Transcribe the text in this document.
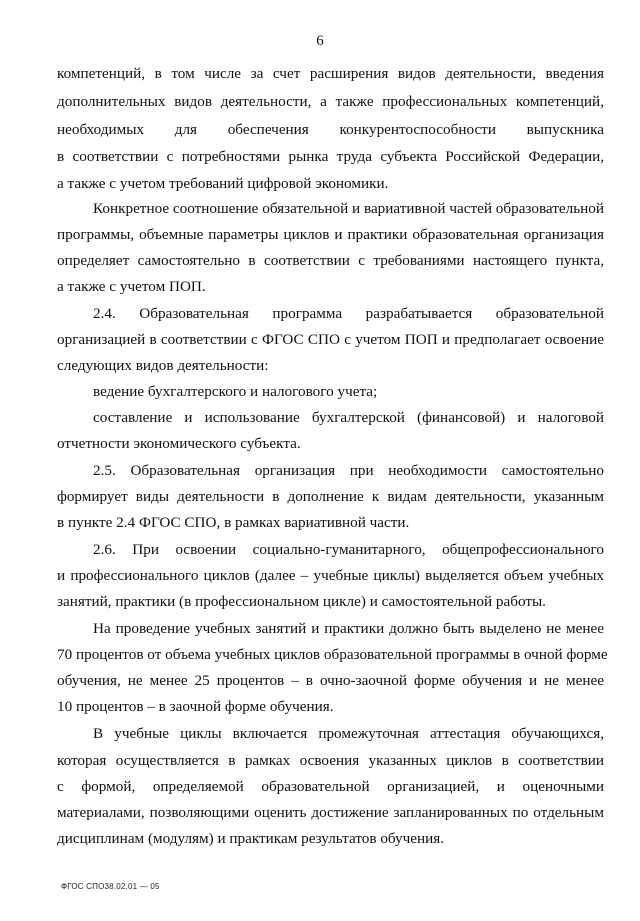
6
компетенций, в том числе за счет расширения видов деятельности, введения
дополнительных видов деятельности, а также профессиональных компетенций,
необходимых для обеспечения конкурентоспособности выпускника
в соответствии с потребностями рынка труда субъекта Российской Федерации,
а также с учетом требований цифровой экономики.
Конкретное соотношение обязательной и вариативной частей образовательной
программы, объемные параметры циклов и практики образовательная организация
определяет самостоятельно в соответствии с требованиями настоящего пункта,
а также с учетом ПОП.
2.4. Образовательная программа разрабатывается образовательной
организацией в соответствии с ФГОС СПО с учетом ПОП и предполагает освоение
следующих видов деятельности:
ведение бухгалтерского и налогового учета;
составление и использование бухгалтерской (финансовой) и налоговой
отчетности экономического субъекта.
2.5. Образовательная организация при необходимости самостоятельно
формирует виды деятельности в дополнение к видам деятельности, указанным
в пункте 2.4 ФГОС СПО, в рамках вариативной части.
2.6. При освоении социально-гуманитарного, общепрофессионального
и профессионального циклов (далее – учебные циклы) выделяется объем учебных
занятий, практики (в профессиональном цикле) и самостоятельной работы.
На проведение учебных занятий и практики должно быть выделено не менее
70 процентов от объема учебных циклов образовательной программы в очной форме
обучения, не менее 25 процентов – в очно-заочной форме обучения и не менее
10 процентов – в заочной форме обучения.
В учебные циклы включается промежуточная аттестация обучающихся,
которая осуществляется в рамках освоения указанных циклов в соответствии
с формой, определяемой образовательной организацией, и оценочными
материалами, позволяющими оценить достижение запланированных по отдельным
дисциплинам (модулям) и практикам результатов обучения.
ФГОС СПО38.02.01 — 05
